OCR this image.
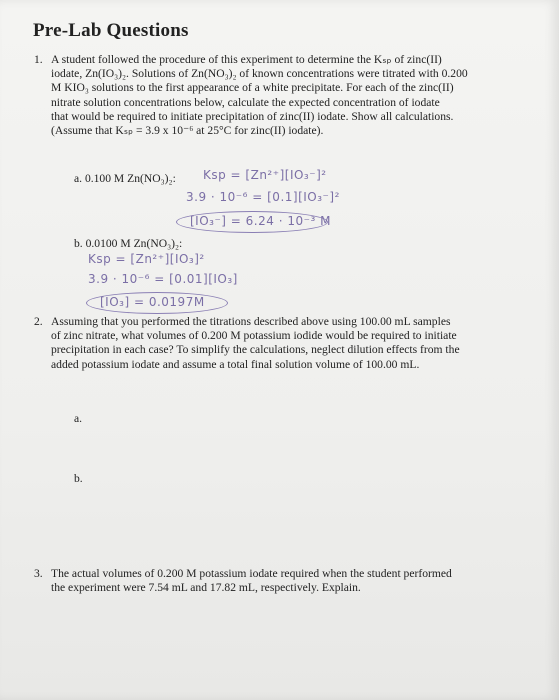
Pre-Lab Questions
1. A student followed the procedure of this experiment to determine the Kₛₚ of zinc(II)
iodate, Zn(IO₃)₂. Solutions of Zn(NO₃)₂ of known concentrations were titrated with 0.200
M KIO₃ solutions to the first appearance of a white precipitate. For each of the zinc(II)
nitrate solution concentrations below, calculate the expected concentration of iodate
that would be required to initiate precipitation of zinc(II) iodate. Show all calculations.
(Assume that Kₛₚ = 3.9 x 10⁻⁶ at 25°C for zinc(II) iodate).
a. 0.100 M Zn(NO₃)₂: Ksp = [Zn²⁺][IO₃⁻]²
3.9 · 10⁻⁶ = [0.1][IO₃⁻]²
[IO₃⁻] = 6.24 · 10⁻³ M
b. 0.0100 M Zn(NO₃)₂:
Ksp = [Zn²⁺][IO₃]²
3.9 · 10⁻⁶ = [0.01][IO₃]
[IO₃] = 0.0197M
2. Assuming that you performed the titrations described above using 100.00 mL samples
of zinc nitrate, what volumes of 0.200 M potassium iodide would be required to initiate
precipitation in each case? To simplify the calculations, neglect dilution effects from the
added potassium iodate and assume a total final solution volume of 100.00 mL.
a.
b.
3. The actual volumes of 0.200 M potassium iodate required when the student performed
the experiment were 7.54 mL and 17.82 mL, respectively. Explain.
